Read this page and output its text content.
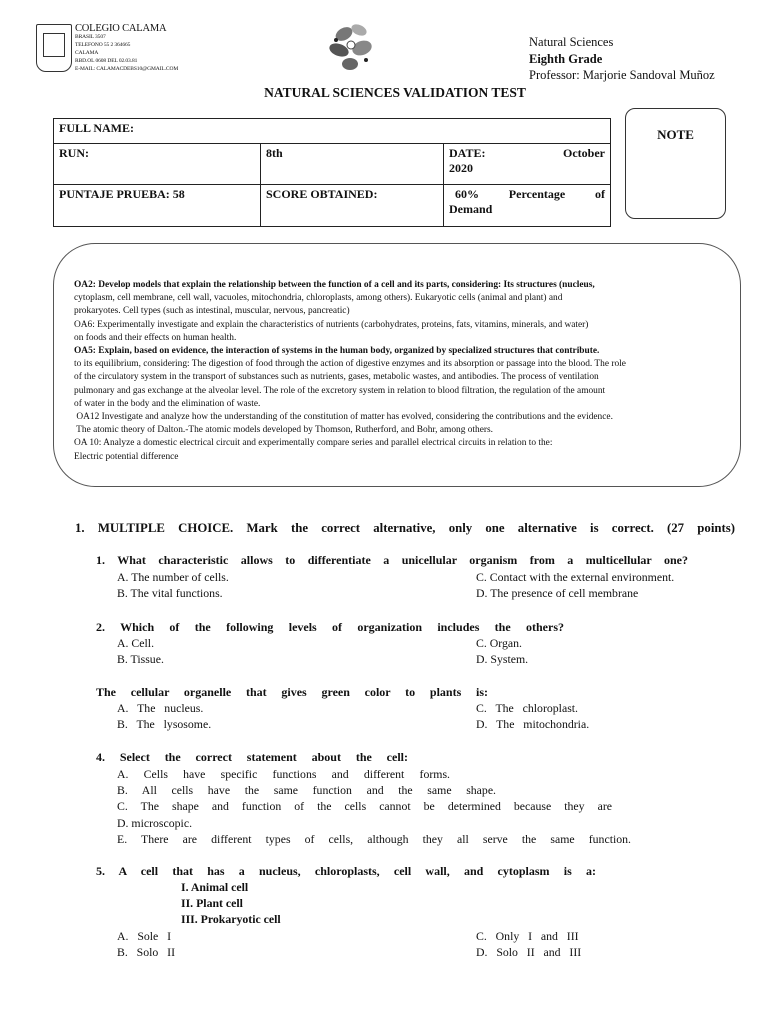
COLEGIO CALAMA
BRASIL 3507
TELEFONO 55 2 364665
CALAMA
RBD.OL 0608 DEL 02.03.81
E-MAIL: CALAMACDEBS10@GMAIL.COM
Natural Sciences
Eighth Grade
Professor: Marjorie Sandoval Muñoz
NATURAL SCIENCES VALIDATION TEST
FULL NAME:		
RUN:	8th	DATE: October
2020

PUNTAJE PRUEBA: 58	SCORE OBTAINED:	60% Percentage of
Demand
NOTE

OA2: Develop models that explain the relationship between the function of a cell and its parts, considering: Its structures (nucleus,

cytoplasm, cell membrane, cell wall, vacuoles, mitochondria, chloroplasts, among others). Eukaryotic cells (animal and plant) and

prokaryotes. Cell types (such as intestinal, muscular, nervous, pancreatic)

OA6: Experimentally investigate and explain the characteristics of nutrients (carbohydrates, proteins, fats, vitamins, minerals, and water)

on foods and their effects on human health.

OA5: Explain, based on evidence, the interaction of systems in the human body, organized by specialized structures that contribute.

to its equilibrium, considering: The digestion of food through the action of digestive enzymes and its absorption or passage into the blood. The role

of the circulatory system in the transport of substances such as nutrients, gases, metabolic wastes, and antibodies. The process of ventilation

pulmonary and gas exchange at the alveolar level. The role of the excretory system in relation to blood filtration, the regulation of the amount

of water in the body and the elimination of waste.

OA12 Investigate and analyze how the understanding of the constitution of matter has evolved, considering the contributions and the evidence.

The atomic theory of Dalton.-The atomic models developed by Thomson, Rutherford, and Bohr, among others.

OA 10: Analyze a domestic electrical circuit and experimentally compare series and parallel electrical circuits in relation to the:

Electric potential difference

1. MULTIPLE CHOICE. Mark the correct alternative, only one alternative is correct. (27 points)
1. What characteristic allows to differentiate a unicellular organism from a multicellular one?
A. The number of cells.
B. The vital functions.
C. Contact with the external environment.
D. The presence of cell membrane
2. Which of the following levels of organization includes the others?
A. Cell.
B. Tissue.
C. Organ.
D. System.
The cellular organelle that gives green color to plants is:
A.   The   nucleus.
B.   The   lysosome.
C.   The   chloroplast.
D.   The   mitochondria.
4. Select the correct statement about the cell:
A. Cells have specific functions and different forms.
B. All cells have the same function and the same shape.
C. The shape and function of the cells cannot be determined because they are
D. microscopic.
E. There are different types of cells, although they all serve the same function.
5. A cell that has a nucleus, chloroplasts, cell wall, and cytoplasm is a:
I. Animal cell
II. Plant cell
III. Prokaryotic cell
A.   Sole   I
B.   Solo   II
C.   Only   I   and   III
D.   Solo   II   and   III
